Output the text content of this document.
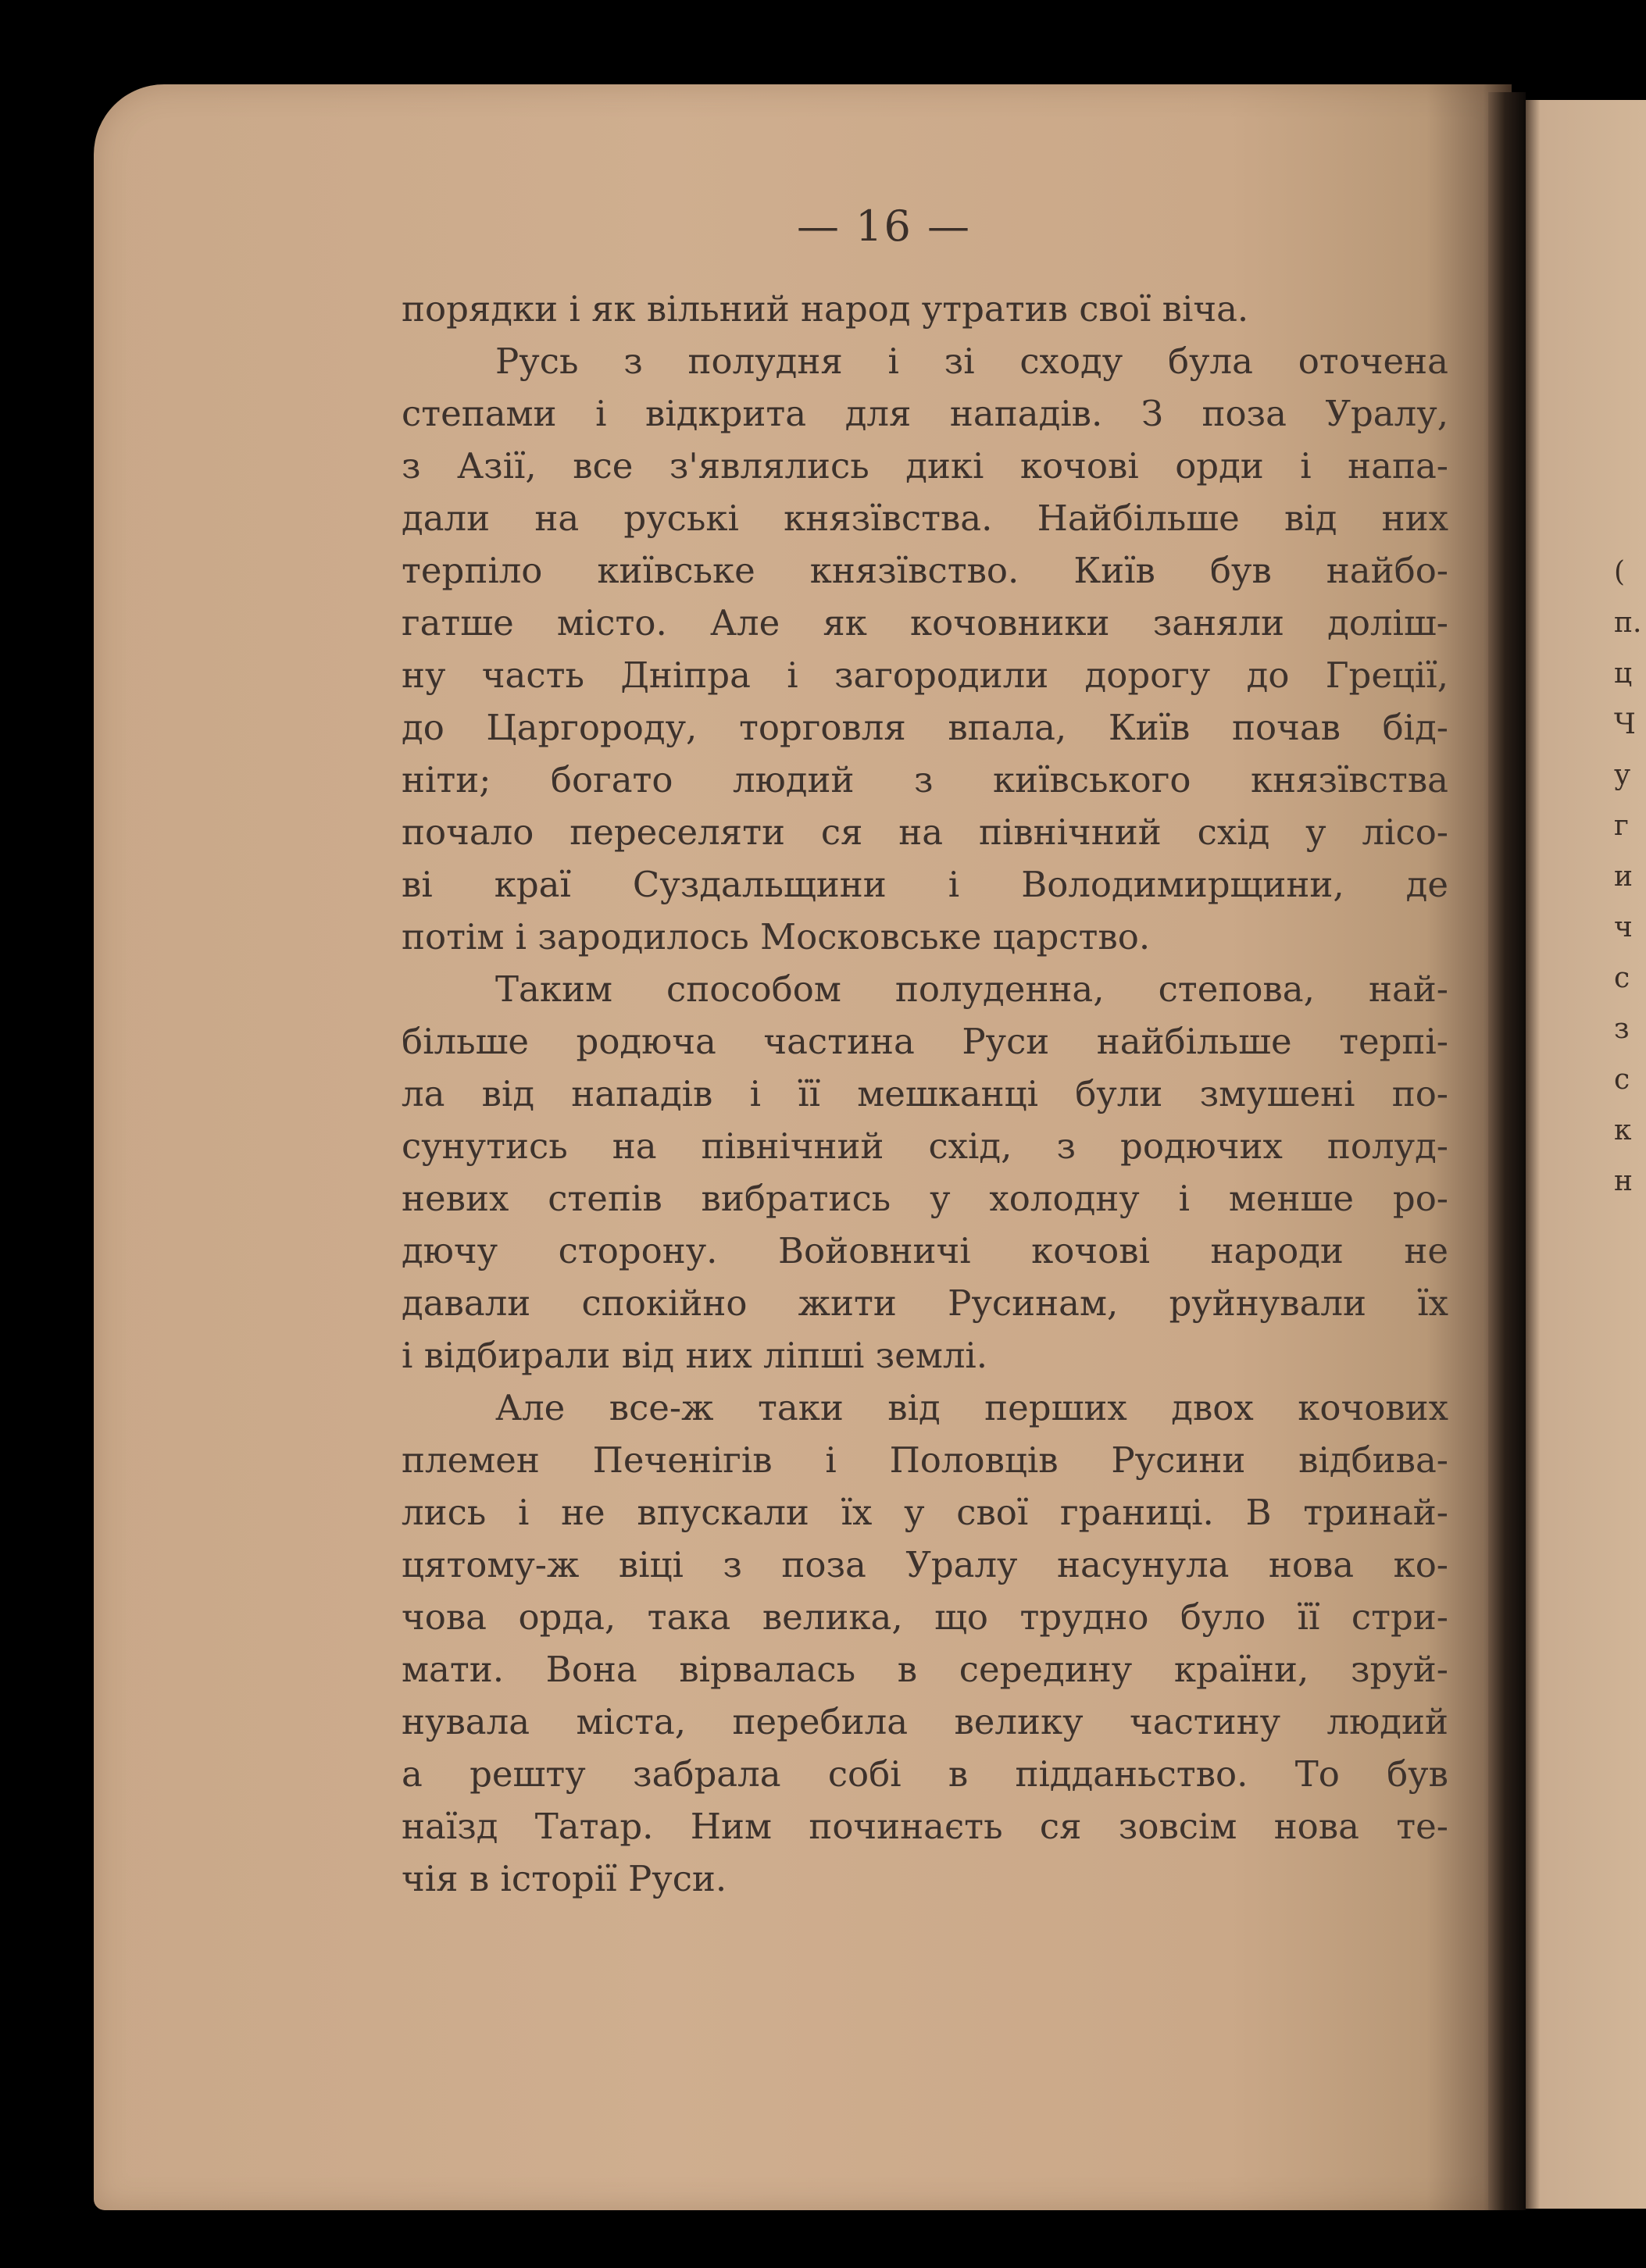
(
п.
ц
Ч
у
г
и
ч
с
з
с
к
н
— 16 —
порядки і як вільний народ утратив свої віча.
Русь з полудня і зі сходу була оточена
степами і відкрита для нападів. З поза Уралу,
з Азії, все з'являлись дикі кочові орди і напа-
дали на руські князївства. Найбільше від них
терпіло київське князївство. Київ був найбо-
гатше місто. Але як кочовники заняли доліш-
ну часть Дніпра і загородили дорогу до Греції,
до Царгороду, торговля впала, Київ почав бід-
ніти; богато людий з київського князївства
почало переселяти ся на північний схід у лісо-
ві краї Суздальщини і Володимирщини, де
потім і зародилось Московське царство.
Таким способом полуденна, степова, най-
більше родюча частина Руси найбільше терпі-
ла від нападів і її мешканці були змушені по-
сунутись на північний схід, з родючих полуд-
невих степів вибратись у холодну і менше ро-
дючу сторону. Войовничі кочові народи не
давали спокійно жити Русинам, руйнували їх
і відбирали від них ліпші землі.
Але все-ж таки від перших двох кочових
племен Печенігів і Половців Русини відбива-
лись і не впускали їх у свої границі. В тринай-
цятому-ж віці з поза Уралу насунула нова ко-
чова орда, така велика, що трудно було її стри-
мати. Вона вірвалась в середину країни, зруй-
нувала міста, перебила велику частину людий
а решту забрала собі в підданьство. То був
наїзд Татар. Ним починаєть ся зовсім нова те-
чія в історії Руси.
